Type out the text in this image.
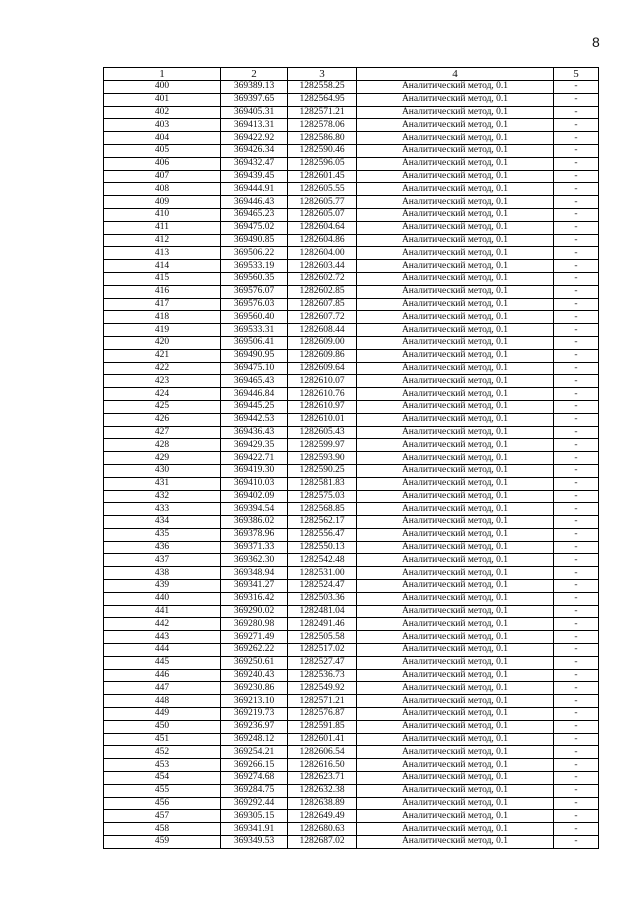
8
1	2	3	4	5
400	369389.13	1282558.25	Аналитический метод, 0.1	-
401	369397.65	1282564.95	Аналитический метод, 0.1	-
402	369405.31	1282571.21	Аналитический метод, 0.1	-
403	369413.31	1282578.06	Аналитический метод, 0.1	-
404	369422.92	1282586.80	Аналитический метод, 0.1	-
405	369426.34	1282590.46	Аналитический метод, 0.1	-
406	369432.47	1282596.05	Аналитический метод, 0.1	-
407	369439.45	1282601.45	Аналитический метод, 0.1	-
408	369444.91	1282605.55	Аналитический метод, 0.1	-
409	369446.43	1282605.77	Аналитический метод, 0.1	-
410	369465.23	1282605.07	Аналитический метод, 0.1	-
411	369475.02	1282604.64	Аналитический метод, 0.1	-
412	369490.85	1282604.86	Аналитический метод, 0.1	-
413	369506.22	1282604.00	Аналитический метод, 0.1	-
414	369533.19	1282603.44	Аналитический метод, 0.1	-
415	369560.35	1282602.72	Аналитический метод, 0.1	-
416	369576.07	1282602.85	Аналитический метод, 0.1	-
417	369576.03	1282607.85	Аналитический метод, 0.1	-
418	369560.40	1282607.72	Аналитический метод, 0.1	-
419	369533.31	1282608.44	Аналитический метод, 0.1	-
420	369506.41	1282609.00	Аналитический метод, 0.1	-
421	369490.95	1282609.86	Аналитический метод, 0.1	-
422	369475.10	1282609.64	Аналитический метод, 0.1	-
423	369465.43	1282610.07	Аналитический метод, 0.1	-
424	369446.84	1282610.76	Аналитический метод, 0.1	-
425	369445.25	1282610.97	Аналитический метод, 0.1	-
426	369442.53	1282610.01	Аналитический метод, 0.1	-
427	369436.43	1282605.43	Аналитический метод, 0.1	-
428	369429.35	1282599.97	Аналитический метод, 0.1	-
429	369422.71	1282593.90	Аналитический метод, 0.1	-
430	369419.30	1282590.25	Аналитический метод, 0.1	-
431	369410.03	1282581.83	Аналитический метод, 0.1	-
432	369402.09	1282575.03	Аналитический метод, 0.1	-
433	369394.54	1282568.85	Аналитический метод, 0.1	-
434	369386.02	1282562.17	Аналитический метод, 0.1	-
435	369378.96	1282556.47	Аналитический метод, 0.1	-
436	369371.33	1282550.13	Аналитический метод, 0.1	-
437	369362.30	1282542.48	Аналитический метод, 0.1	-
438	369348.94	1282531.00	Аналитический метод, 0.1	-
439	369341.27	1282524.47	Аналитический метод, 0.1	-
440	369316.42	1282503.36	Аналитический метод, 0.1	-
441	369290.02	1282481.04	Аналитический метод, 0.1	-
442	369280.98	1282491.46	Аналитический метод, 0.1	-
443	369271.49	1282505.58	Аналитический метод, 0.1	-
444	369262.22	1282517.02	Аналитический метод, 0.1	-
445	369250.61	1282527.47	Аналитический метод, 0.1	-
446	369240.43	1282536.73	Аналитический метод, 0.1	-
447	369230.86	1282549.92	Аналитический метод, 0.1	-
448	369213.10	1282571.21	Аналитический метод, 0.1	-
449	369219.73	1282576.87	Аналитический метод, 0.1	-
450	369236.97	1282591.85	Аналитический метод, 0.1	-
451	369248.12	1282601.41	Аналитический метод, 0.1	-
452	369254.21	1282606.54	Аналитический метод, 0.1	-
453	369266.15	1282616.50	Аналитический метод, 0.1	-
454	369274.68	1282623.71	Аналитический метод, 0.1	-
455	369284.75	1282632.38	Аналитический метод, 0.1	-
456	369292.44	1282638.89	Аналитический метод, 0.1	-
457	369305.15	1282649.49	Аналитический метод, 0.1	-
458	369341.91	1282680.63	Аналитический метод, 0.1	-
459	369349.53	1282687.02	Аналитический метод, 0.1	-
